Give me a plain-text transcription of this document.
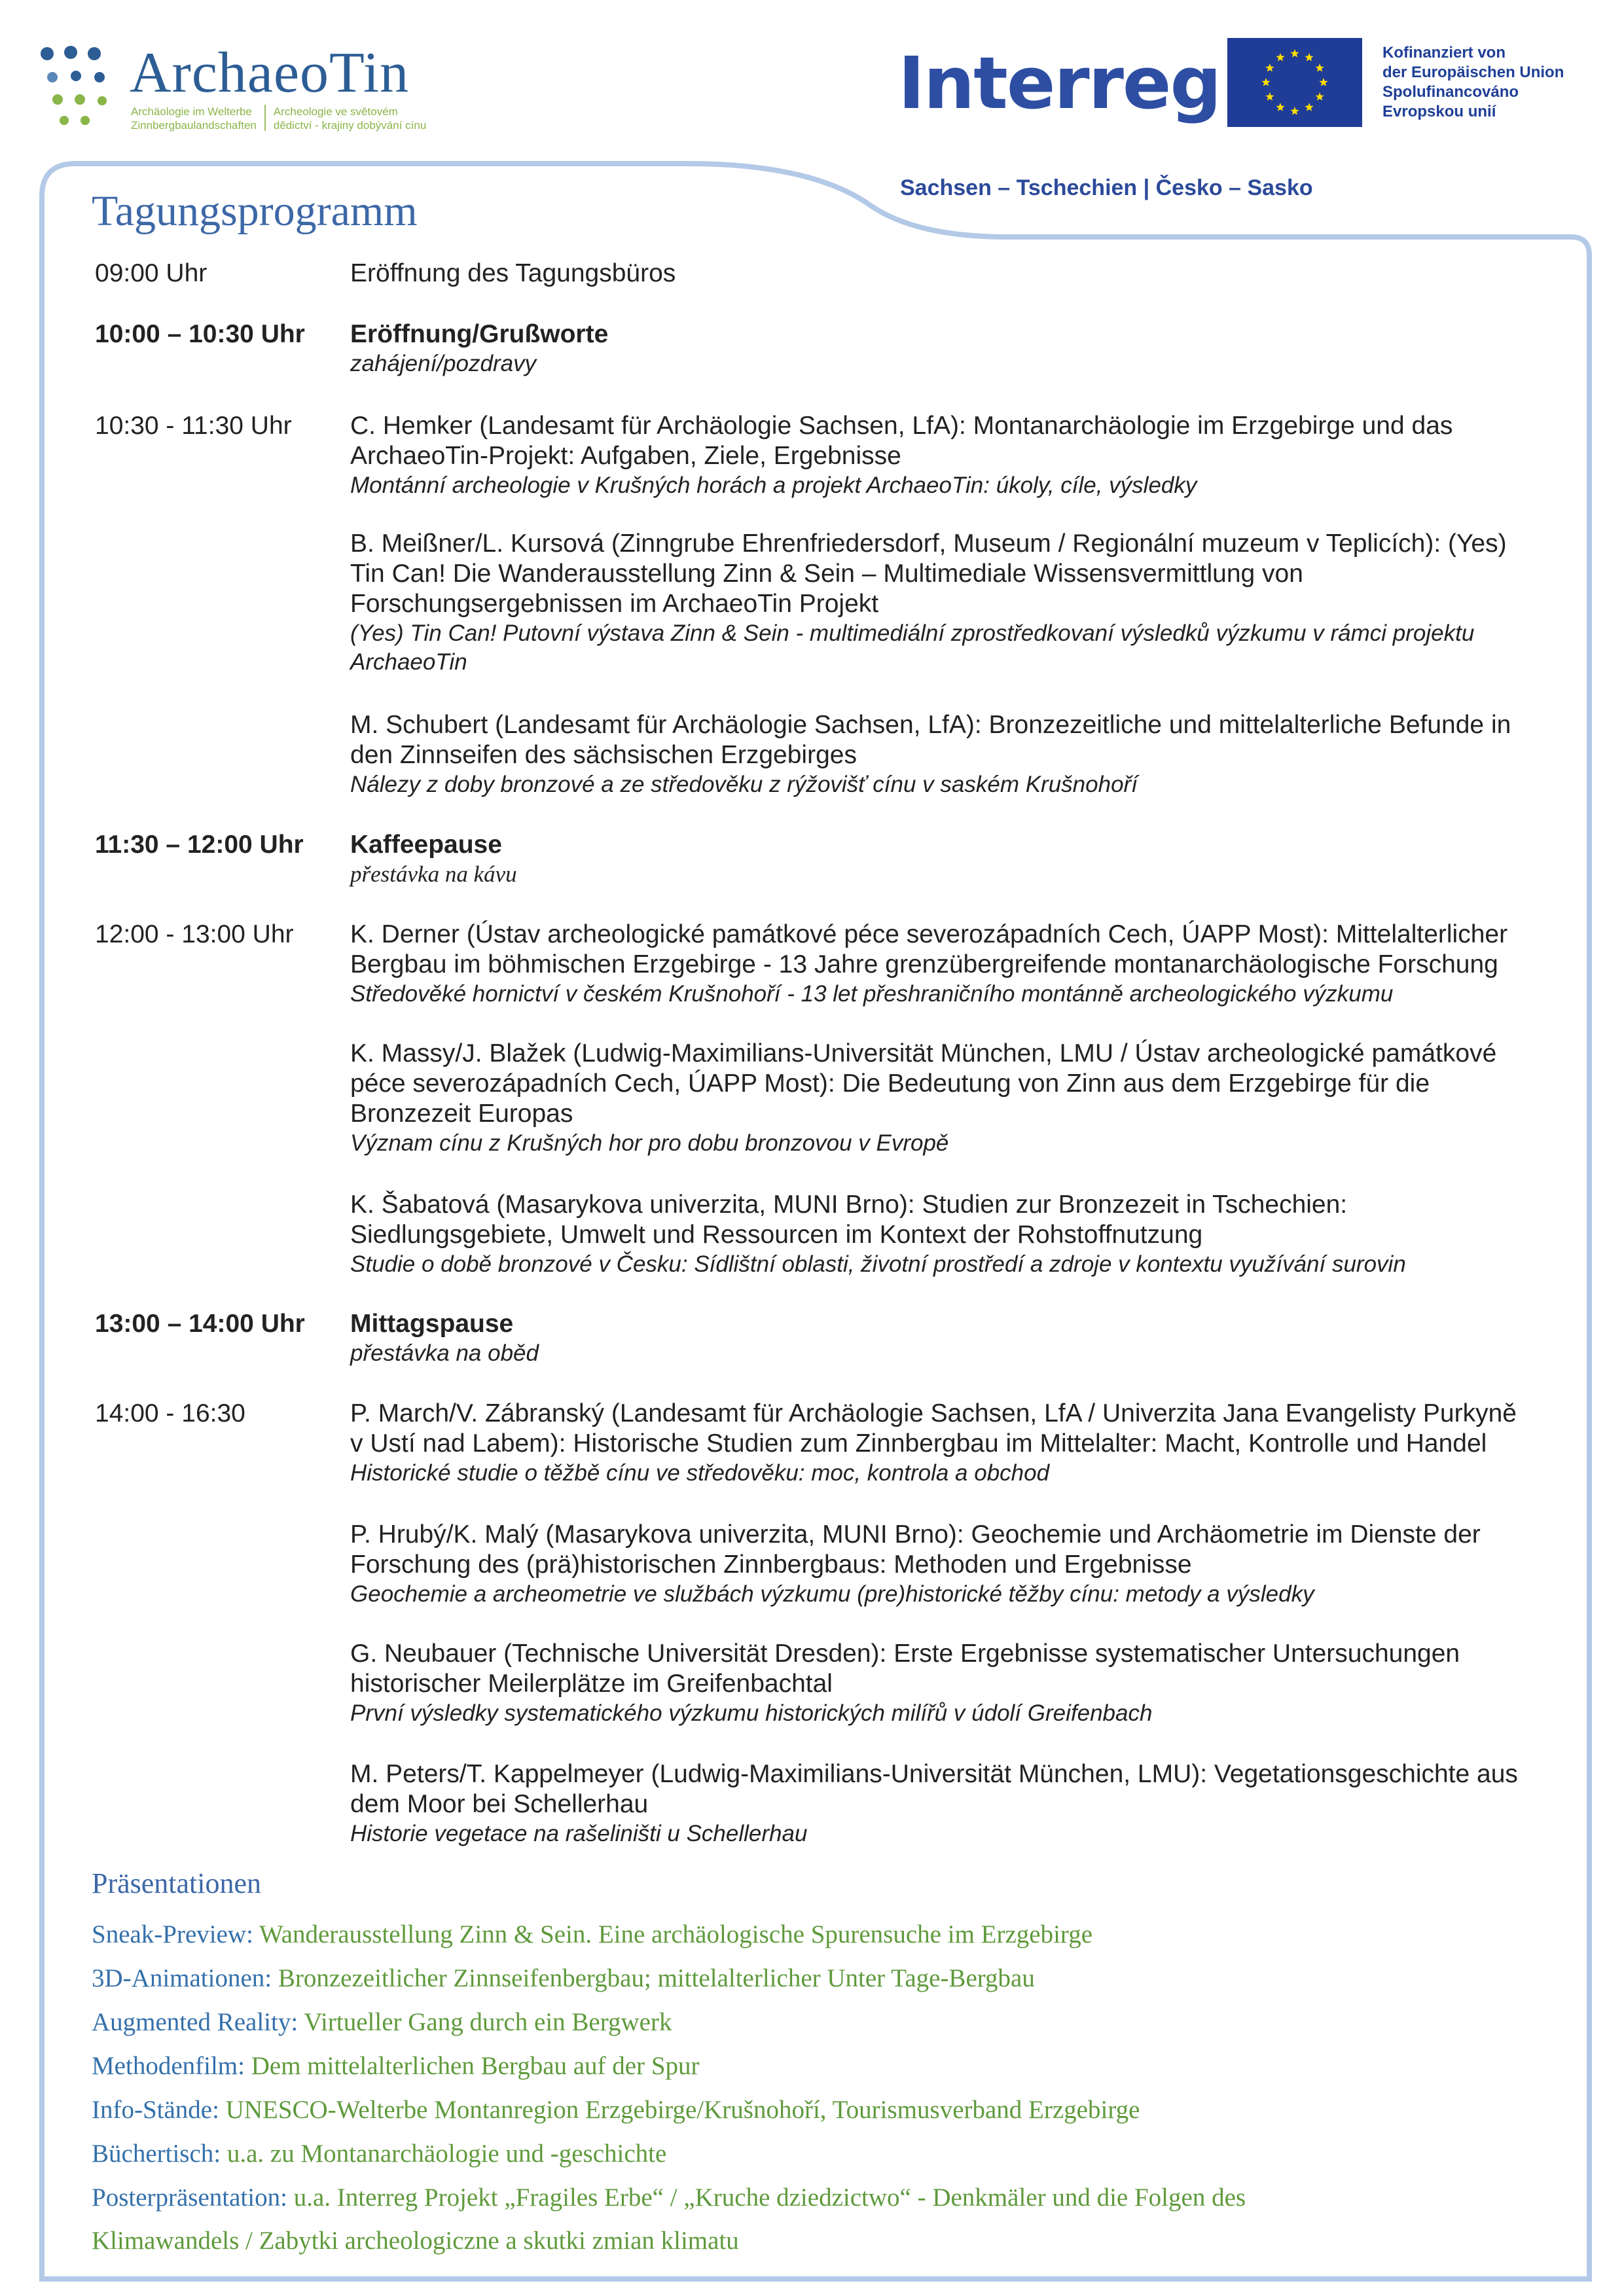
ArchaeoTin
Archäologie im Welterbe
ZinnbergbaulandschaftenArcheologie ve světovém
dědictví - krajiny dobývání cínu
Interreg	Kofinanziert von
der Europäischen Union
Spolufinancováno
Evropskou unií
Sachsen – Tschechien | Česko – Sasko
Tagungsprogramm
09:00 Uhr	Eröffnung des Tagungsbüros
10:00 – 10:30 Uhr Eröffnung/Grußworte
zahájení/pozdravy
10:30 - 11:30 Uhr C. Hemker (Landesamt für Archäologie Sachsen, LfA): Montanarchäologie im Erzgebirge und das ArchaeoTin-Projekt: Aufgaben, Ziele, Ergebnisse
Montánní archeologie v Krušných horách a projekt ArchaeoTin: úkoly, cíle, výsledky
B. Meißner/L. Kursová (Zinngrube Ehrenfriedersdorf, Museum / Regionální muzeum v Teplicích): (Yes) Tin Can! Die Wanderausstellung Zinn & Sein – Multimediale Wissensvermittlung von Forschungsergebnissen im ArchaeoTin Projekt
(Yes) Tin Can! Putovní výstava Zinn & Sein - multimediální zprostředkovaní výsledků výzkumu v rámci projektu ArchaeoTin
M. Schubert (Landesamt für Archäologie Sachsen, LfA): Bronzezeitliche und mittelalterliche Befunde in den Zinnseifen des sächsischen Erzgebirges
Nálezy z doby bronzové a ze středověku z rýžovišť cínu v saském Krušnohoří
11:30 – 12:00 Uhr Kaffeepause
přestávka na kávu
12:00 - 13:00 Uhr K. Derner (Ústav archeologické památkové péce severozápadních Cech, ÚAPP Most): Mittelalterlicher Bergbau im böhmischen Erzgebirge - 13 Jahre grenzübergreifende montanarchäologische Forschung
Středověké hornictví v českém Krušnohoří - 13 let přeshraničního montánně archeologického výzkumu
K. Massy/J. Blažek (Ludwig-Maximilians-Universität München, LMU / Ústav archeologické památkové péce severozápadních Cech, ÚAPP Most): Die Bedeutung von Zinn aus dem Erzgebirge für die Bronzezeit Europas
Význam cínu z Krušných hor pro dobu bronzovou v Evropě
K. Šabatová (Masarykova univerzita, MUNI Brno): Studien zur Bronzezeit in Tschechien: Siedlungsgebiete, Umwelt und Ressourcen im Kontext der Rohstoffnutzung
Studie o době bronzové v Česku: Sídlištní oblasti, životní prostředí a zdroje v kontextu využívání surovin
13:00 – 14:00 Uhr Mittagspause
přestávka na oběd
14:00 - 16:30	P. March/V. Zábranský (Landesamt für Archäologie Sachsen, LfA / Univerzita Jana Evangelisty Purkyně v Ustí nad Labem): Historische Studien zum Zinnbergbau im Mittelalter: Macht, Kontrolle und Handel
Historické studie o těžbě cínu ve středověku: moc, kontrola a obchod
P. Hrubý/K. Malý (Masarykova univerzita, MUNI Brno): Geochemie und Archäometrie im Dienste der Forschung des (prä)historischen Zinnbergbaus: Methoden und Ergebnisse
Geochemie a archeometrie ve službách výzkumu (pre)historické těžby cínu: metody a výsledky
G. Neubauer (Technische Universität Dresden): Erste Ergebnisse systematischer Untersuchungen historischer Meilerplätze im Greifenbachtal
První výsledky systematického výzkumu historických milířů v údolí Greifenbach
M. Peters/T. Kappelmeyer (Ludwig-Maximilians-Universität München, LMU): Vegetationsgeschichte aus dem Moor bei Schellerhau
Historie vegetace na rašeliništi u Schellerhau
Präsentationen
Sneak-Preview: Wanderausstellung Zinn & Sein. Eine archäologische Spurensuche im Erzgebirge
3D-Animationen: Bronzezeitlicher Zinnseifenbergbau; mittelalterlicher Unter Tage-Bergbau
Augmented Reality: Virtueller Gang durch ein Bergwerk
Methodenfilm: Dem mittelalterlichen Bergbau auf der Spur
Info-Stände: UNESCO-Welterbe Montanregion Erzgebirge/Krušnohoří, Tourismusverband Erzgebirge
Büchertisch: u.a. zu Montanarchäologie und -geschichte
Posterpräsentation: u.a. Interreg Projekt „Fragiles Erbe“ / „Kruche dziedzictwo“ - Denkmäler und die Folgen des
Klimawandels / Zabytki archeologiczne a skutki zmian klimatu
